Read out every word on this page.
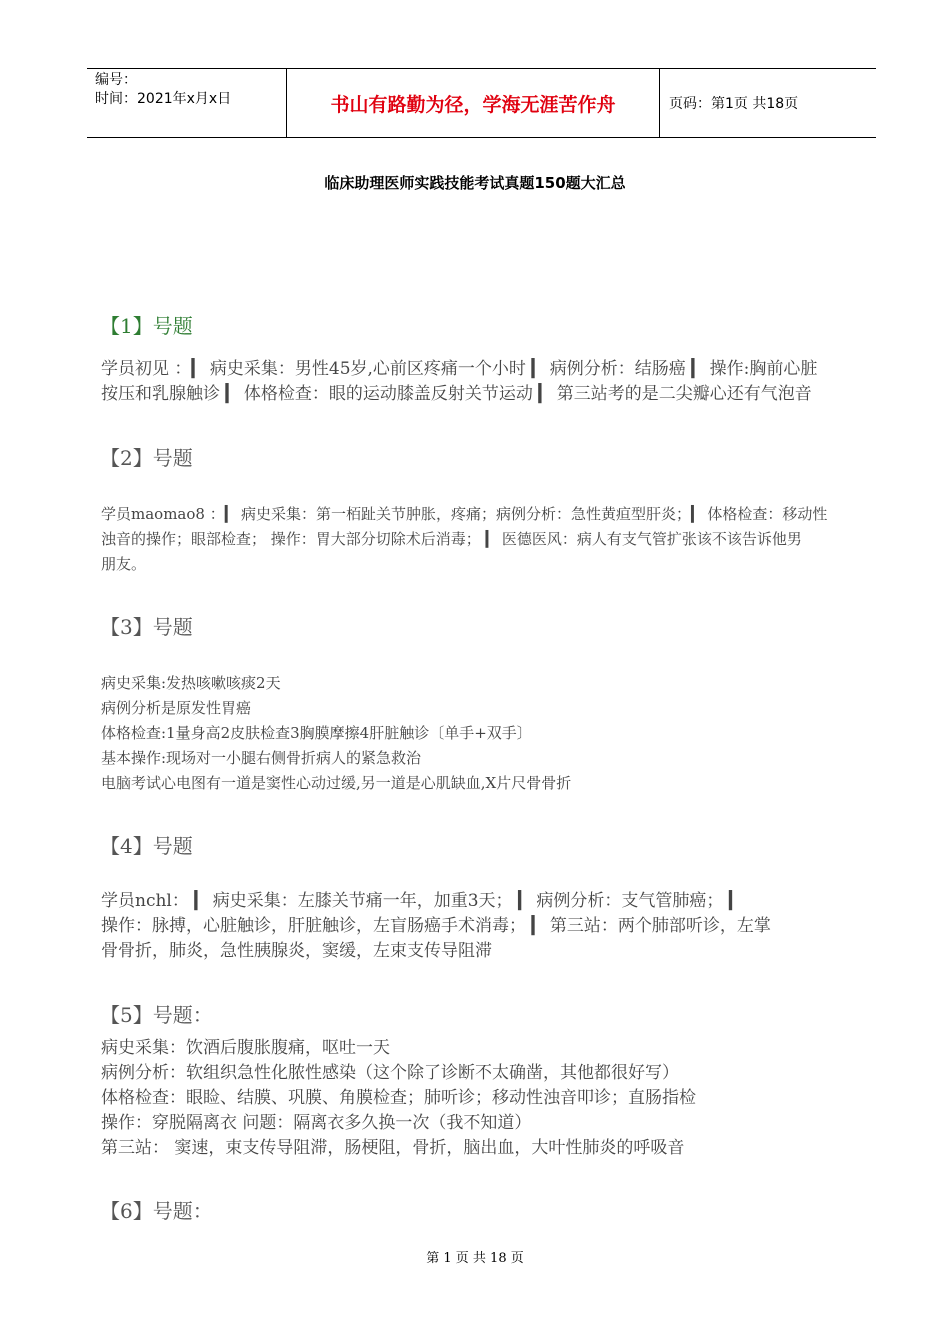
编号：
时间：2021年x月x日	书山有路勤为径，学海无涯苦作舟	页码：第1页 共18页
临床助理医师实践技能考试真题150题大汇总
【1】号题
学员初见 ：▎ 病史采集：男性45岁,心前区疼痛一个小时 ▎ 病例分析：结肠癌 ▎ 操作:胸前心脏
按压和乳腺触诊 ▎ 体格检查：眼的运动膝盖反射关节运动 ▎ 第三站考的是二尖瓣心还有气泡音
【2】号题
学员maomao8 ：▎ 病史采集：第一栢趾关节肿胀，疼痛；病例分析：急性黄疸型肝炎；▎ 体格检查：移动性
浊音的操作；眼部检查； 操作：胃大部分切除术后消毒； ▎ 医德医风：病人有支气管扩张该不该告诉他男
朋友。
【3】号题
病史采集:发热咳嗽咳痰2天
病例分析是原发性胃癌
体格检查:1量身高2皮肤检查3胸膜摩擦4肝脏触诊〔单手+双手〕
基本操作:现场对一小腿右侧骨折病人的紧急救治
电脑考试心电图有一道是窦性心动过缓,另一道是心肌缺血,X片尺骨骨折
【4】号题
学员nchl： ▎ 病史采集：左膝关节痛一年，加重3天； ▎ 病例分析：支气管肺癌； ▎
操作：脉搏，心脏触诊，肝脏触诊，左盲肠癌手术消毒； ▎ 第三站：两个肺部听诊，左掌
骨骨折，肺炎，急性胰腺炎，窦缓，左束支传导阻滞
【5】号题：
病史采集：饮酒后腹胀腹痛，呕吐一天
病例分析：软组织急性化脓性感染（这个除了诊断不太确凿，其他都很好写）
体格检查：眼睑、结膜、巩膜、角膜检查；肺听诊；移动性浊音叩诊；直肠指检
操作：穿脱隔离衣 问题：隔离衣多久换一次（我不知道）
第三站： 窦速，束支传导阻滞，肠梗阻，骨折，脑出血，大叶性肺炎的呼吸音
【6】号题：
第 1 页 共 18 页
